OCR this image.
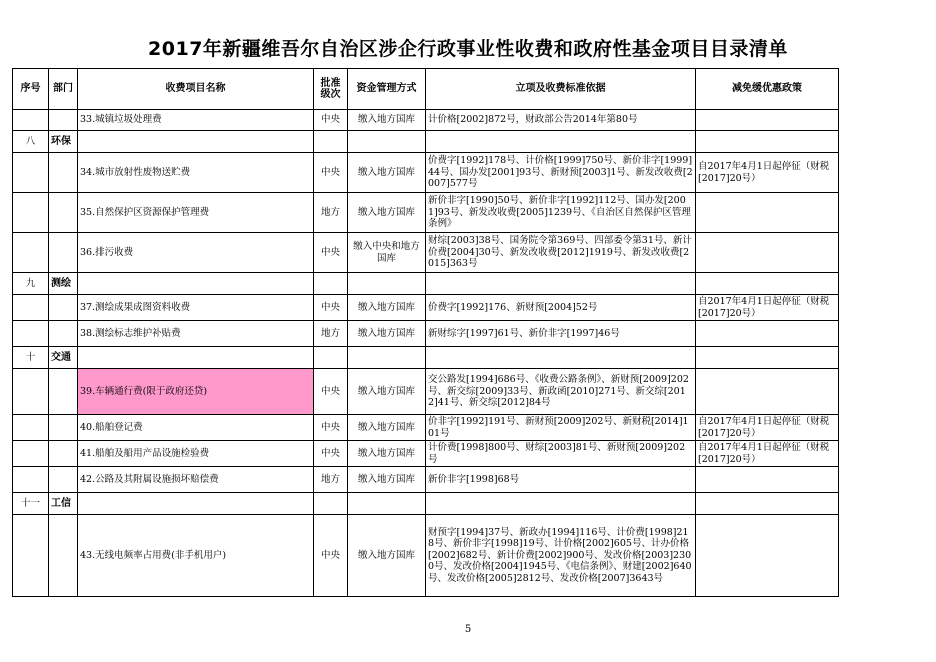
2017年新疆维吾尔自治区涉企行政事业性收费和政府性基金项目目录清单
序号	部门	收费项目名称	批准级次	资金管理方式	立项及收费标准依据	减免缓优惠政策
		33.城镇垃圾处理费	中央	缴入地方国库	计价格[2002]872号，财政部公告2014年第80号	
八	环保					
		34.城市放射性废物送贮费	中央	缴入地方国库	价费字[1992]178号、计价格[1999]750号、新价非字[1999]44号、国办发[2001]93号、新财预[2003]1号、新发改收费[2007]577号	自2017年4月1日起停征（财税[2017]20号）
		35.自然保护区资源保护管理费	地方	缴入地方国库	新价非字[1990]50号、新价非字[1992]112号、国办发[2001]93号、新发改收费[2005]1239号、《自治区自然保护区管理条例》	
		36.排污收费	中央	缴入中央和地方国库	财综[2003]38号、国务院令第369号、四部委令第31号、新计价费[2004]30号、新发改收费[2012]1919号、新发改收费[2015]363号	
九	测绘					
		37.测绘成果成图资料收费	中央	缴入地方国库	价费字[1992]176、新财预[2004]52号	自2017年4月1日起停征（财税[2017]20号）
		38.测绘标志维护补贴费	地方	缴入地方国库	新财综字[1997]61号、新价非字[1997]46号	
十	交通					
		39.车辆通行费(限于政府还贷)	中央	缴入地方国库	交公路发[1994]686号、《收费公路条例》、新财预[2009]202号、新交综[2009]33号、新政函[2010]271号、新交综[2012]41号、新交综[2012]84号	
		40.船舶登记费	中央	缴入地方国库	价非字[1992]191号、新财预[2009]202号、新财税[2014]101号	自2017年4月1日起停征（财税[2017]20号）
		41.船舶及船用产品设施检验费	中央	缴入地方国库	计价费[1998]800号、财综[2003]81号、新财预[2009]202号	自2017年4月1日起停征（财税[2017]20号）
		42.公路及其附属设施损坏赔偿费	地方	缴入地方国库	新价非字[1998]68号	
十一	工信					
		43.无线电频率占用费(非手机用户)	中央	缴入地方国库	财预字[1994]37号、新政办[1994]116号、计价费[1998]218号、新价非字[1998]19号、计价格[2002]605号、计办价格[2002]682号、新计价费[2002]900号、发改价格[2003]2300号、发改价格[2004]1945号、《电信条例》、财建[2002]640号、发改价格[2005]2812号、发改价格[2007]3643号	
5
